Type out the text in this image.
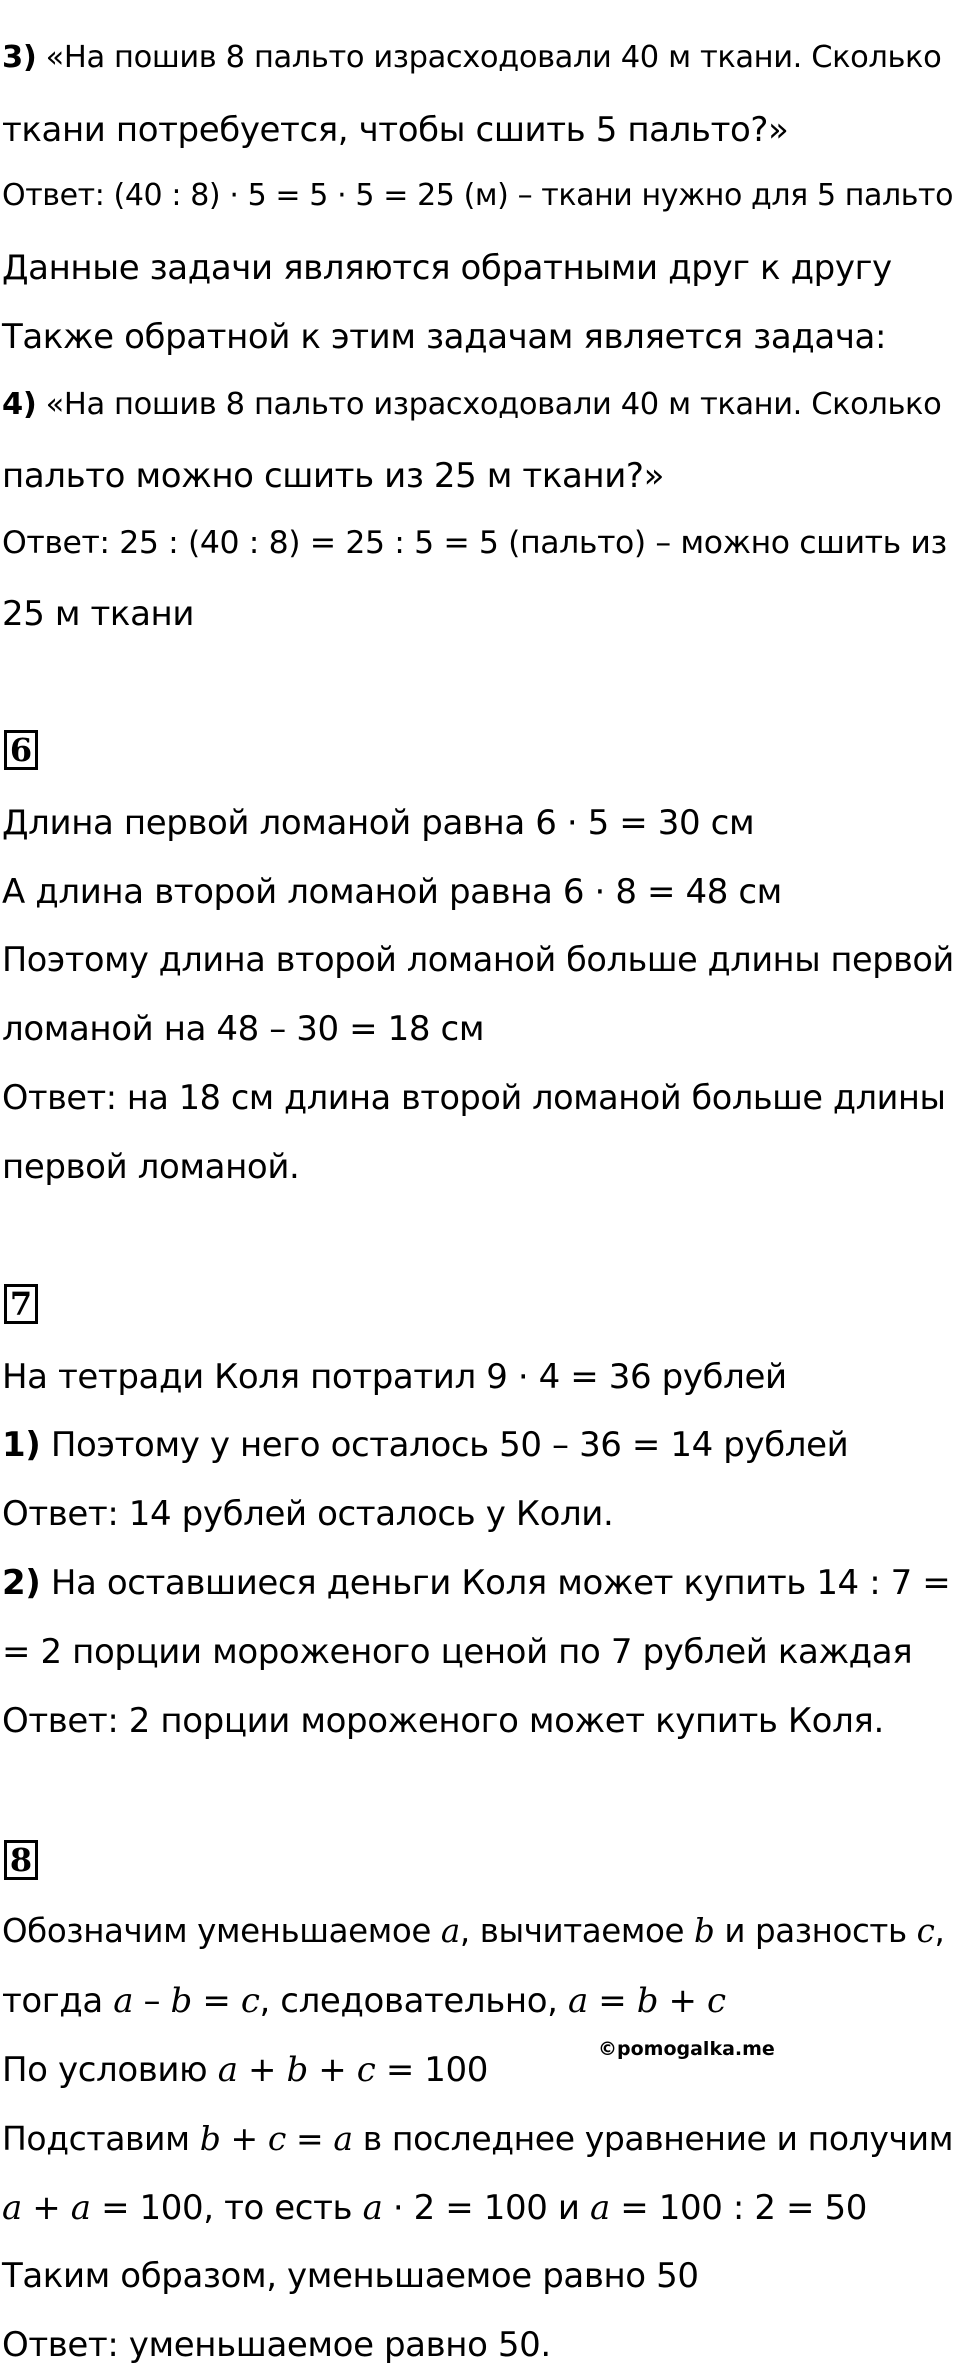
3) «На пошив 8 пальто израсходовали 40 м ткани. Сколько
ткани потребуется, чтобы сшить 5 пальто?»
Ответ: (40 : 8) · 5 = 5 · 5 = 25 (м) – ткани нужно для 5 пальто
Данные задачи являются обратными друг к другу
Также обратной к этим задачам является задача:
4) «На пошив 8 пальто израсходовали 40 м ткани. Сколько
пальто можно сшить из 25 м ткани?»
Ответ: 25 : (40 : 8) = 25 : 5 = 5 (пальто) – можно сшить из
25 м ткани
6
Длина первой ломаной равна 6 · 5 = 30 см
А длина второй ломаной равна 6 · 8 = 48 см
Поэтому длина второй ломаной больше длины первой
ломаной на 48 – 30 = 18 см
Ответ: на 18 см длина второй ломаной больше длины
первой ломаной.
7
На тетради Коля потратил 9 · 4 = 36 рублей
1) Поэтому у него осталось 50 – 36 = 14 рублей
Ответ: 14 рублей осталось у Коли.
2) На оставшиеся деньги Коля может купить 14 : 7 =
= 2 порции мороженого ценой по 7 рублей каждая
Ответ: 2 порции мороженого может купить Коля.
8
Обозначим уменьшаемое a, вычитаемое b и разность c,
тогда a – b = c, следовательно, a = b + c
©pomogalka.me
По условию a + b + c = 100
Подставим b + c = a в последнее уравнение и получим
a + a = 100, то есть a · 2 = 100 и a = 100 : 2 = 50
Таким образом, уменьшаемое равно 50
Ответ: уменьшаемое равно 50.
